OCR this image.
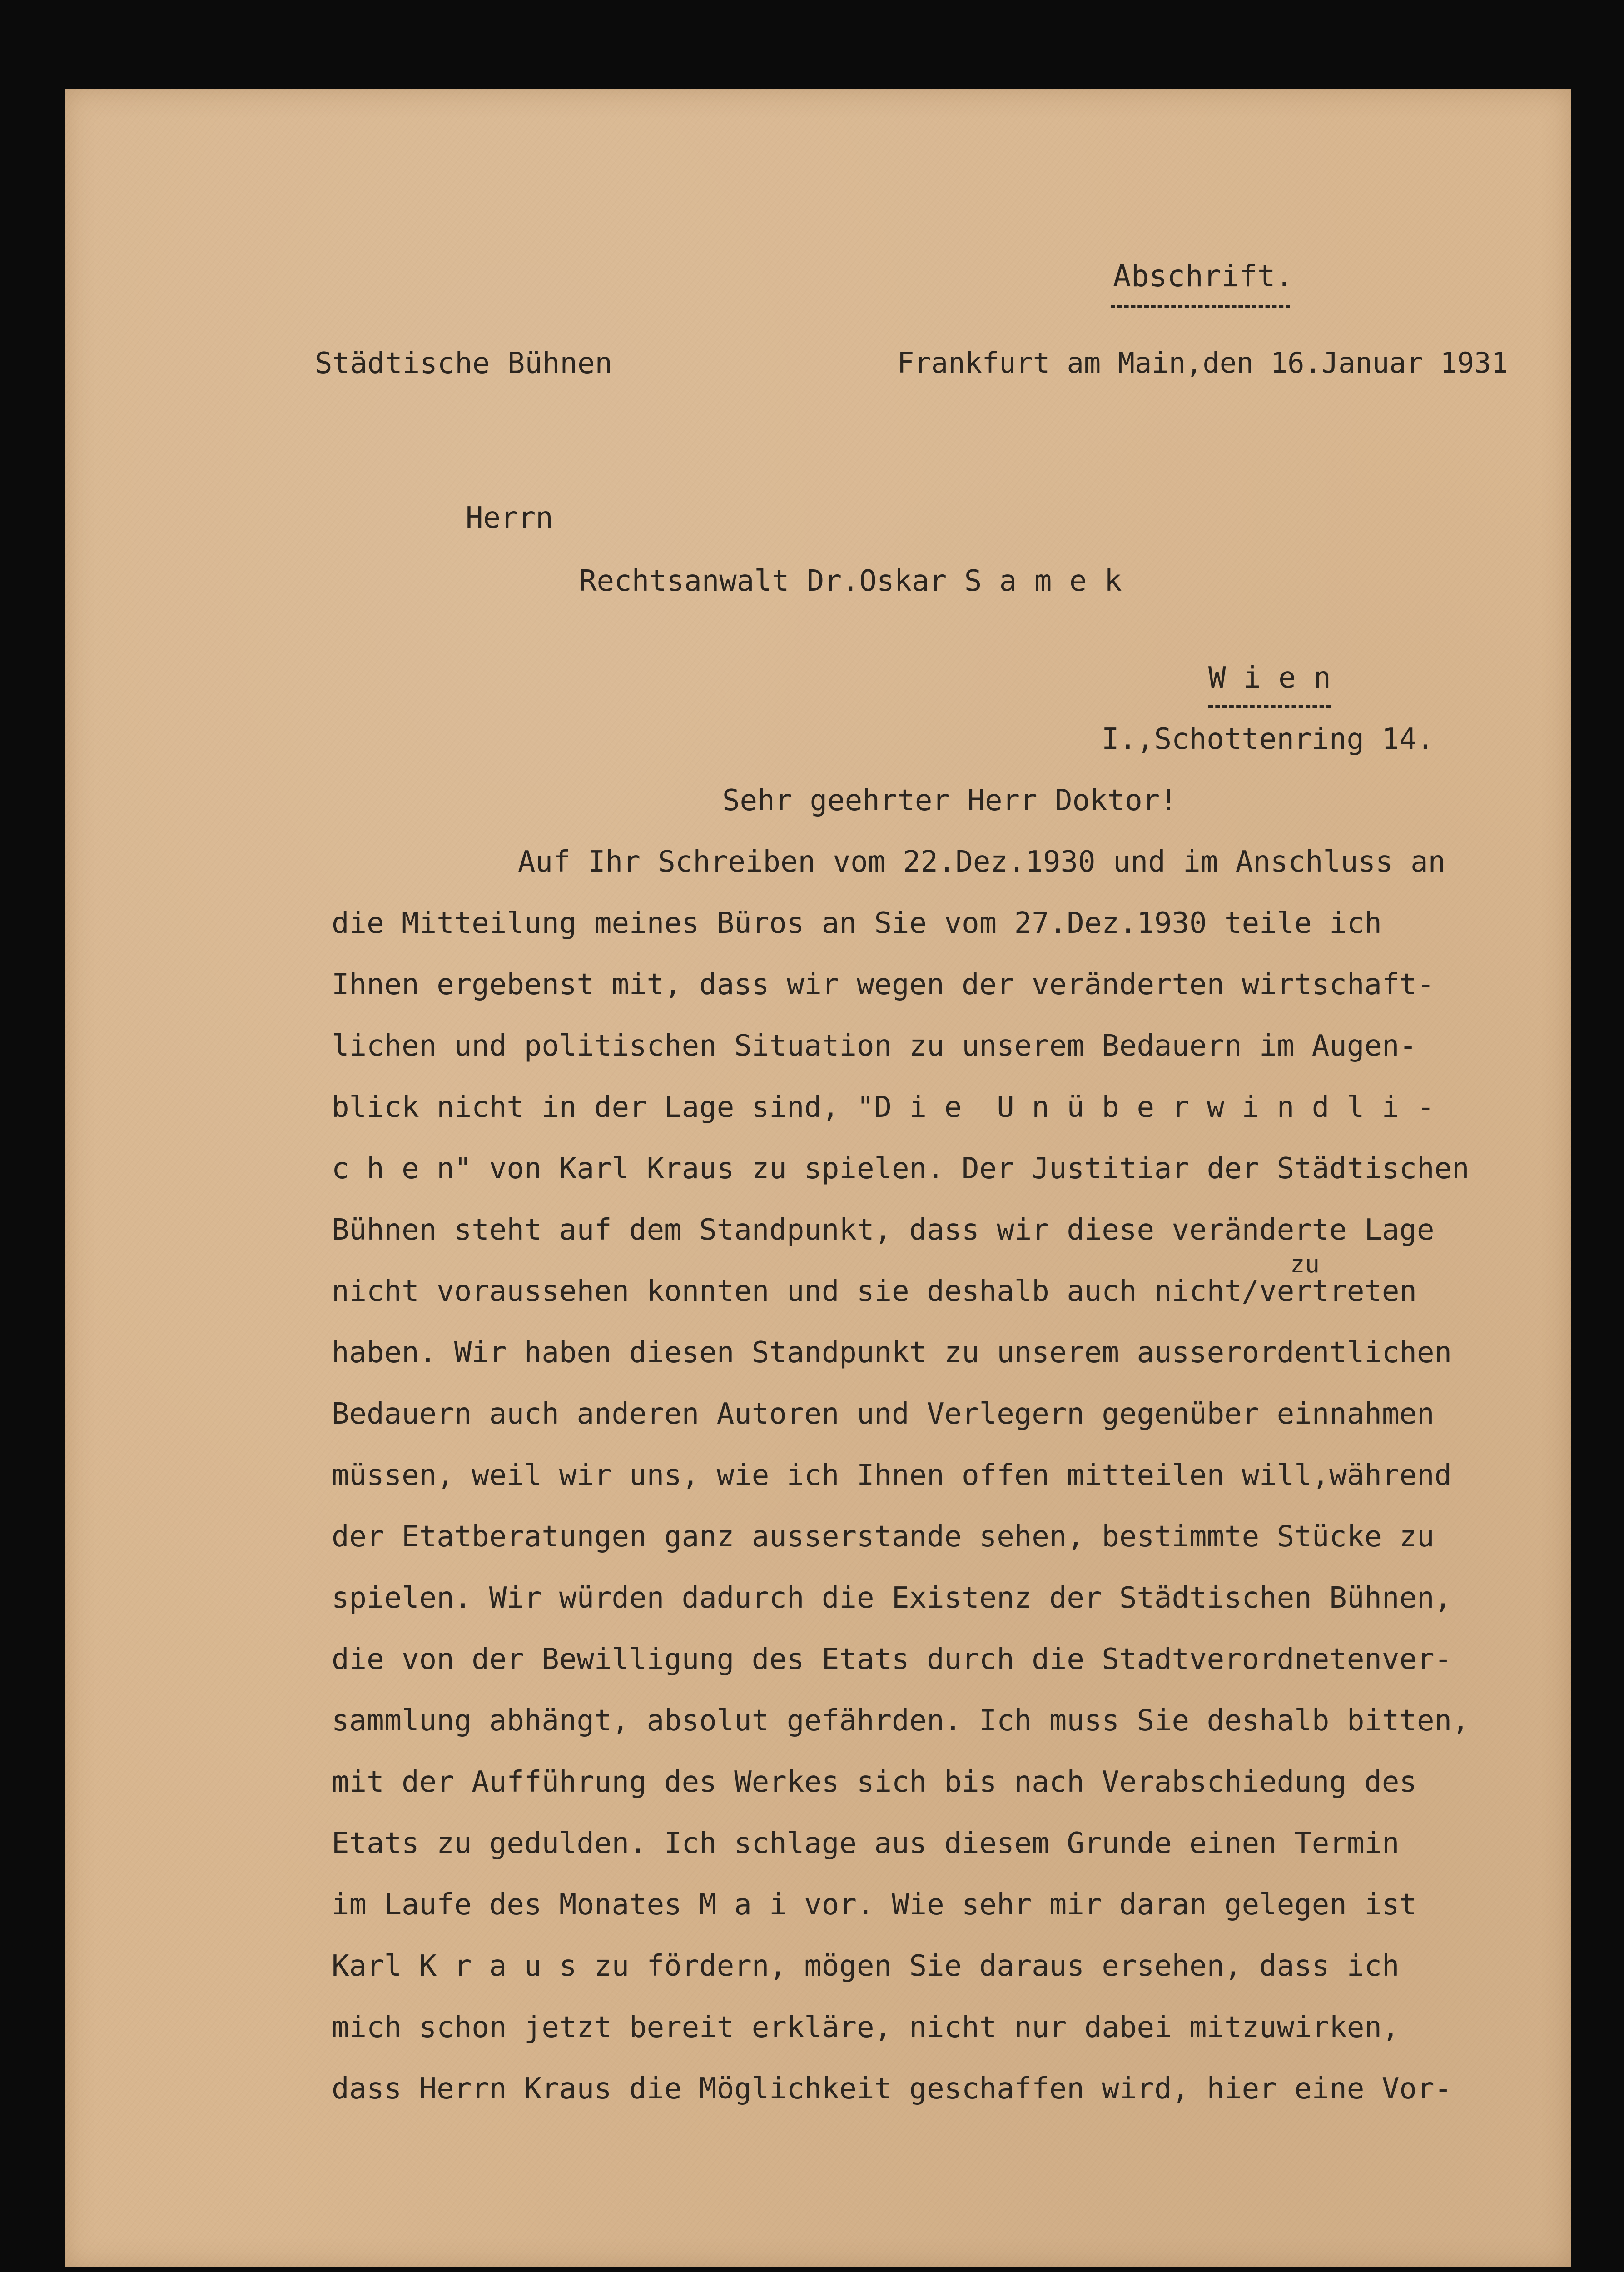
Abschrift.
Städtische Bühnen	Frankfurt am Main,den 16.Januar 1931
Herrn
Rechtsanwalt Dr.Oskar S a m e k
W i e n
I.,Schottenring 14.
Sehr geehrter Herr Doktor!
Auf Ihr Schreiben vom 22.Dez.1930 und im Anschluss an
die Mitteilung meines Büros an Sie vom 27.Dez.1930 teile ich
Ihnen ergebenst mit, dass wir wegen der veränderten wirtschaft-
lichen und politischen Situation zu unserem Bedauern im Augen-
blick nicht in der Lage sind, "D i e  U n ü b e r w i n d l i -
c h e n" von Karl Kraus zu spielen. Der Justitiar der Städtischen
Bühnen steht auf dem Standpunkt, dass wir diese veränderte Lage
zu
nicht voraussehen konnten und sie deshalb auch nicht/vertreten
haben. Wir haben diesen Standpunkt zu unserem ausserordentlichen
Bedauern auch anderen Autoren und Verlegern gegenüber einnahmen
müssen, weil wir uns, wie ich Ihnen offen mitteilen will,während
der Etatberatungen ganz ausserstande sehen, bestimmte Stücke zu
spielen. Wir würden dadurch die Existenz der Städtischen Bühnen,
die von der Bewilligung des Etats durch die Stadtverordnetenver-
sammlung abhängt, absolut gefährden. Ich muss Sie deshalb bitten,
mit der Aufführung des Werkes sich bis nach Verabschiedung des
Etats zu gedulden. Ich schlage aus diesem Grunde einen Termin
im Laufe des Monates M a i vor. Wie sehr mir daran gelegen ist
Karl K r a u s zu fördern, mögen Sie daraus ersehen, dass ich
mich schon jetzt bereit erkläre, nicht nur dabei mitzuwirken,
dass Herrn Kraus die Möglichkeit geschaffen wird, hier eine Vor-
